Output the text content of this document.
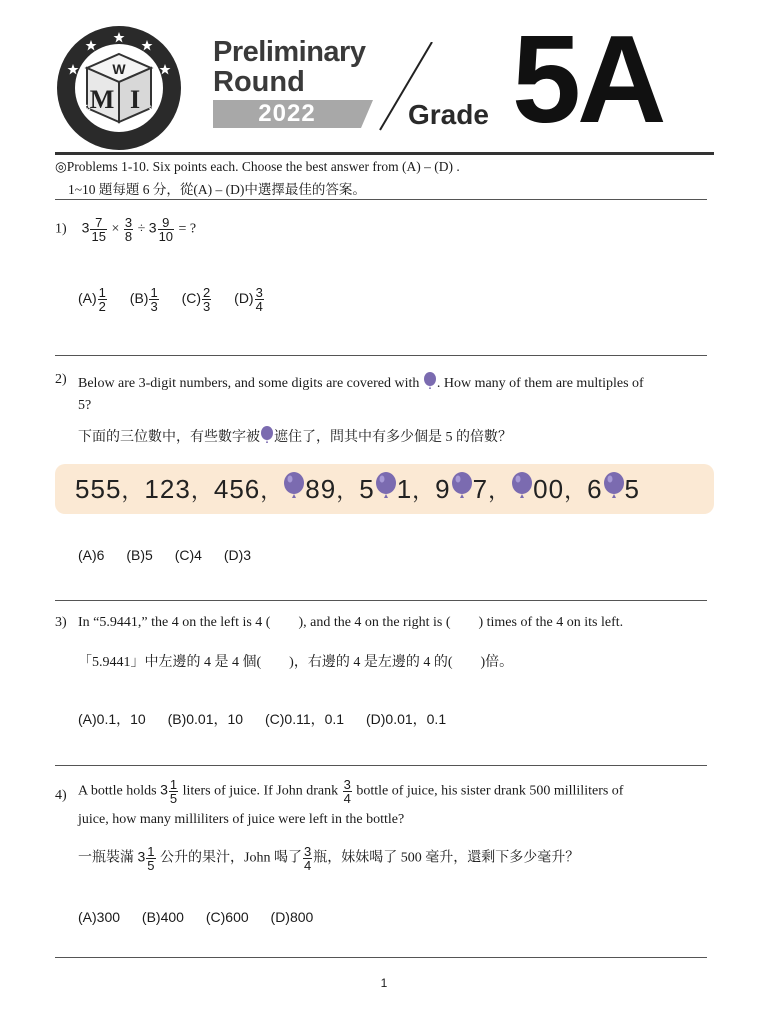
W
M I
World Mathematics Invitational
Preliminary
Round
2022	Grade 5A
◎Problems 1-10. Six points each. Choose the best answer from (A) – (D) .
1~10 題每題 6 分，從(A) – (D)中選擇最佳的答案。
1) $3 \frac{7}{15} \times \frac{3}{8} \div 3 \frac{9}{10}$ = ?
$(A) \frac{1}{2} (B) \frac{1}{3} (C) \frac{2}{3} (D) \frac{3}{4}$
2) Below are 3-digit numbers, and some digits are covered with . How many of them are multiples of
5?
下面的三位數中，有些數字被 遮住了，問其中有多少個是 5 的倍數？
555，123，456， 89，5 1，9 7， 00，6 5
(A)6 (B)5 (C)4 (D)3
3) In “5.9441,” the 4 on the left is 4 (        ), and the 4 on the right is (        ) times of the 4 on its left.
「5.9441」中左邊的 4 是 4 個(        )，右邊的 4 是左邊的 4 的(        )倍。
(A)0.1，10 (B)0.01，10 (C)0.11，0.1 (D)0.01，0.1
4) A bottle holds $3 \frac{1}{5}$ liters of juice. If John drank $\frac{3}{4}$ bottle of juice, his sister drank 500 milliliters of
juice, how many milliliters of juice were left in the bottle?
一瓶裝滿 $3 \frac{1}{5}$ 公升的果汁，John 喝了 $\frac{3}{4}$ 瓶，妹妹喝了 500 毫升，還剩下多少毫升？
(A)300 (B)400 (C)600 (D)800
1
